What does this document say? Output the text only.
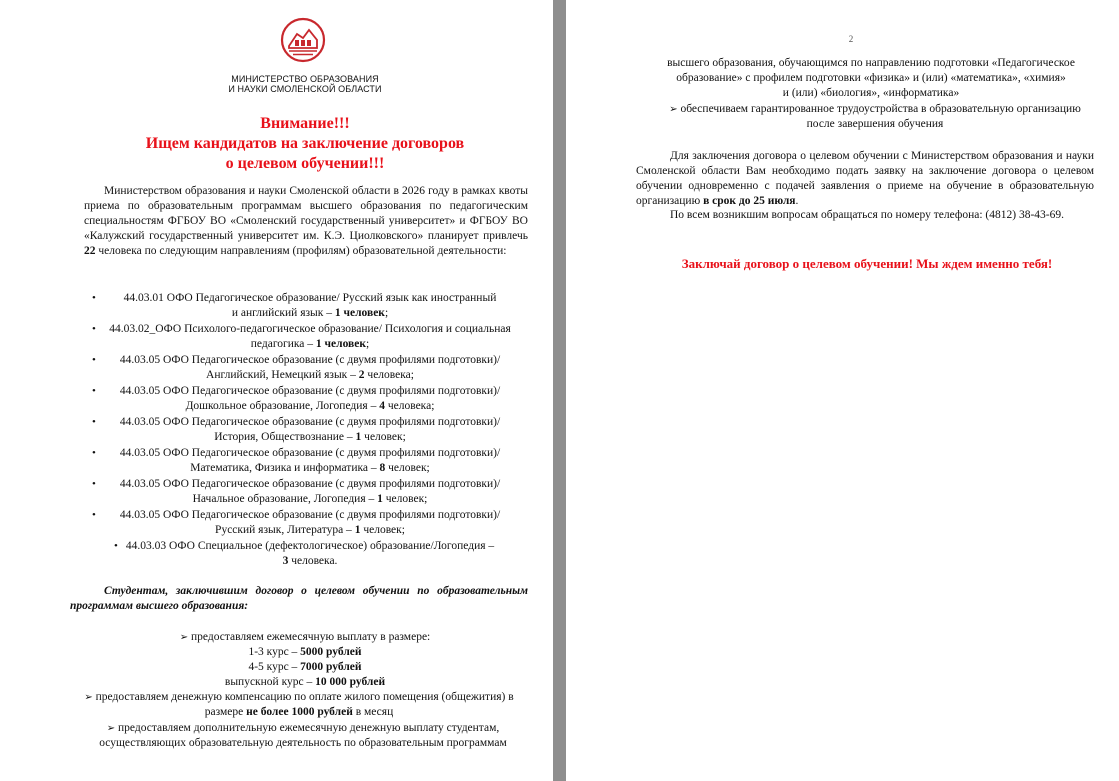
МИНИСТЕРСТВО ОБРАЗОВАНИЯ
И НАУКИ СМОЛЕНСКОЙ ОБЛАСТИ
Внимание!!!
Ищем кандидатов на заключение договоров
о целевом обучении!!!
Министерством образования и науки Смоленской области в 2026 году в рамках квоты приема по образовательным программам высшего образования по педагогическим специальностям ФГБОУ ВО «Смоленский государственный университет» и ФГБОУ ВО «Калужский государственный университет им. К.Э. Циолковского» планирует привлечь 22 человека по следующим направлениям (профилям) образовательной деятельности:
•	44.03.01 ОФО Педагогическое образование/ Русский язык как иностранный
и английский язык – 1 человек;
•	44.03.02_ОФО Психолого-педагогическое образование/ Психология и социальная
педагогика – 1 человек;
•	44.03.05 ОФО Педагогическое образование (с двумя профилями подготовки)/
Английский, Немецкий язык – 2 человека;
•	44.03.05 ОФО Педагогическое образование (с двумя профилями подготовки)/
Дошкольное образование, Логопедия – 4 человека;
•	44.03.05 ОФО Педагогическое образование (с двумя профилями подготовки)/
История, Обществознание – 1 человек;
•	44.03.05 ОФО Педагогическое образование (с двумя профилями подготовки)/
Математика, Физика и информатика – 8 человек;
•	44.03.05 ОФО Педагогическое образование (с двумя профилями подготовки)/
Начальное образование, Логопедия – 1 человек;
•	44.03.05 ОФО Педагогическое образование (с двумя профилями подготовки)/
Русский язык, Литература – 1 человек;
• 44.03.03 ОФО Специальное (дефектологическое) образование/Логопедия –
3 человека.
Студентам, заключившим договор о целевом обучении по образовательным
программам высшего образования:
➢ предоставляем ежемесячную выплату в размере:
1-3 курс – 5000 рублей
4-5 курс – 7000 рублей
выпускной курс – 10 000 рублей
➢ предоставляем денежную компенсацию по оплате жилого помещения (общежития) в
размере не более 1000 рублей в месяц
➢ предоставляем дополнительную ежемесячную денежную выплату студентам,
осуществляющих образовательную деятельность по образовательным программам
2
высшего образования, обучающимся по направлению подготовки «Педагогическое
образование» с профилем подготовки «физика» и (или) «математика», «химия»
и (или) «биология», «информатика»
➢ обеспечиваем гарантированное трудоустройства в образовательную организацию
после завершения обучения
Для заключения договора о целевом обучении с Министерством образования и науки Смоленской области Вам необходимо подать заявку на заключение договора о целевом обучении одновременно с подачей заявления о приеме на обучение в образовательную организацию в срок до 25 июля.
По всем возникшим вопросам обращаться по номеру телефона: (4812) 38-43-69.
Заключай договор о целевом обучении! Мы ждем именно тебя!
